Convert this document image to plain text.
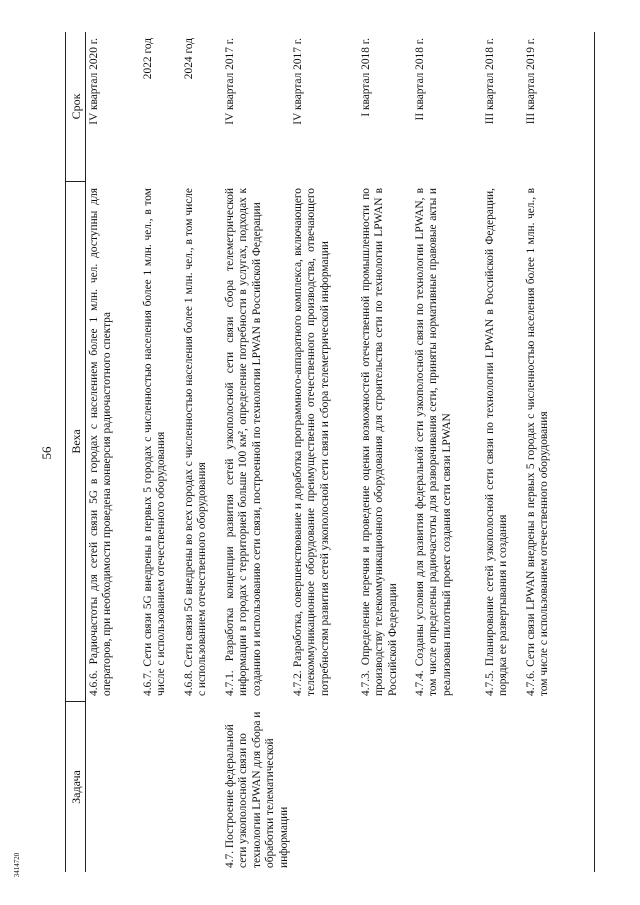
56
3414720
Задача
Веха
Срок
4.6.6. Радиочастоты для сетей связи 5G в городах с населением более 1 млн. чел. доступны для операторов, при необходимости проведена конверсия радиочастотного спектра
IV квартал 2020 г.
4.6.7. Сети связи 5G внедрены в первых 5 городах с численностью населения более 1 млн. чел., в том числе с использованием отечественного оборудования
2022 год
4.6.8. Сети связи 5G внедрены во всех городах с численностью населения более 1 млн. чел., в том числе с использованием отечественного оборудования
2024 год
4.7. Построение федеральной сети узкополосной связи по технологии LPWAN для сбора и обработки телематической информации
4.7.1. Разработка концепции развития сетей узкополосной сети связи сбора телеметрической информации в городах с территорией больше 100 км², определение потребности в услугах, подходах к созданию и использованию сети связи, построенной по технологии LPWAN в Российской Федерации
IV квартал 2017 г.
4.7.2. Разработка, совершенствование и доработка программного-аппаратного комплекса, включающего телекоммуникационное оборудование преимущественно отечественного производства, отвечающего потребностям развития сетей узкополосной сети связи и сбора телеметрической информации
IV квартал 2017 г.
4.7.3. Определение перечня и проведение оценки возможностей отечественной промышленности по производству телекоммуникационного оборудования для строительства сети по технологии LPWAN в Российской Федерации
I квартал 2018 г.
4.7.4. Созданы условия для развития федеральной сети узкополосной связи по технологии LPWAN, в том числе определены радиочастоты для разворачивания сети, приняты нормативные правовые акты и реализован пилотный проект создания сети связи LPWAN
II квартал 2018 г.
4.7.5. Планирование сетей узкополосной сети связи по технологии LPWAN в Российской Федерации, порядка ее развертывания и создания
III квартал 2018 г.
4.7.6. Сети связи LPWAN внедрены в первых 5 городах с численностью населения более 1 млн. чел., в том числе с использованием отечественного оборудования
III квартал 2019 г.
